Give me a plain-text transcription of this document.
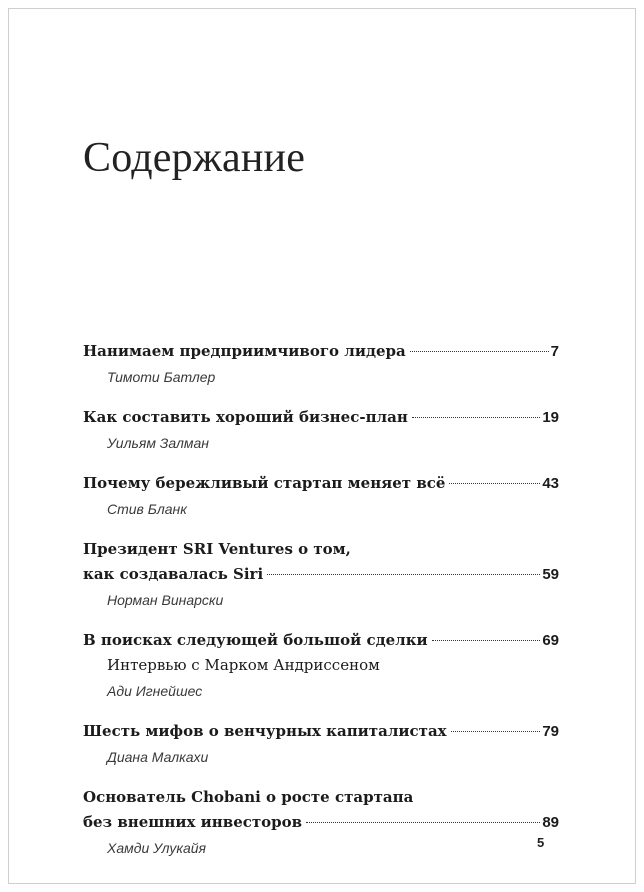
Содержание
Нанимаем предприимчивого лидера	7
Тимоти Батлер
Как составить хороший бизнес-план	19
Уильям Залман
Почему бережливый стартап меняет всё	43
Стив Бланк
Президент SRI Ventures о том,
как создавалась Siri	59
Норман Винарски
В поисках следующей большой сделки	69
Интервью с Марком Андриссеном
Ади Игнейшес
Шесть мифов о венчурных капиталистах	79
Диана Малкахи
Основатель Chobani о росте стартапа
без внешних инвесторов	89
Хамди Улукайя	5
